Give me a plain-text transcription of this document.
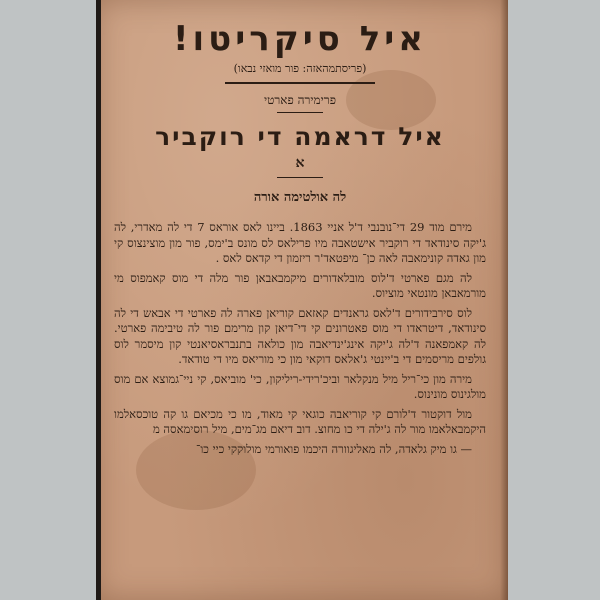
איל סיקריטו!
(פריסתמהאזה: פור מואזי נבאו)
פרימירה פארטי
איל דראמה די רוקביר
א
לה אולטימה אורה

מירם מוד 29 די־נובנבי ד'ל אניי 1863. ביינו לאס אוראס 7 די לה מאדרי, לה ג'יקה סינודאד די רוקביר אישטאבה מיו פרילאס לס מונס ב'ימס, פור מון מוצינצוס קי מון גאדה קונימאבה לאה כן־ מיפטאד'ר ריזמון די קדאס לאס .

לה מגם פארטי ד'לוס מובלאדורים מיקמבאבאן פור מלה די מוס קאמפוס מי מורמאבאן מונטאי מוציוס.

לוס סירבידורים ד'לאס גראנדים קאזאם קוריאן פארה לה פארטי די אבאש די לה סינודאד, דיטראדו די מוס פאטרונים קי די־דיאן קון מרימם פור לה טיבימה פארטי. לה קאמפאנה ד'לה ג'יקה אינג'ינדיאבה מון כולאה בתנבראסיאנטי קון מיסמר לוס גולפים מריסמים די ב'יינטי ג'אלאס דוקאי מון כי מוריאס מיו די טודאד.

מירה מון כי־ריל מיל מנקלאר וביכ'רידי-ריליקון, כי' מוביאס, קי ניי־גמוצא אם מוס מולגינוס מונינוס.

מול דוקטור ד'לורם קי קוריאבה כוגאי קי מאוד, מו כי מכיאם גו קה טוכסאלמו היקמבאלאמו מור לה ג'ילה די כו מחוצ. דוב דיאם מג־מים, מיל רוסימאסה מ

— גו מיק גלאדה, לה מאליגוורה היכמו פואורמי מולוקקי כיי כו־
